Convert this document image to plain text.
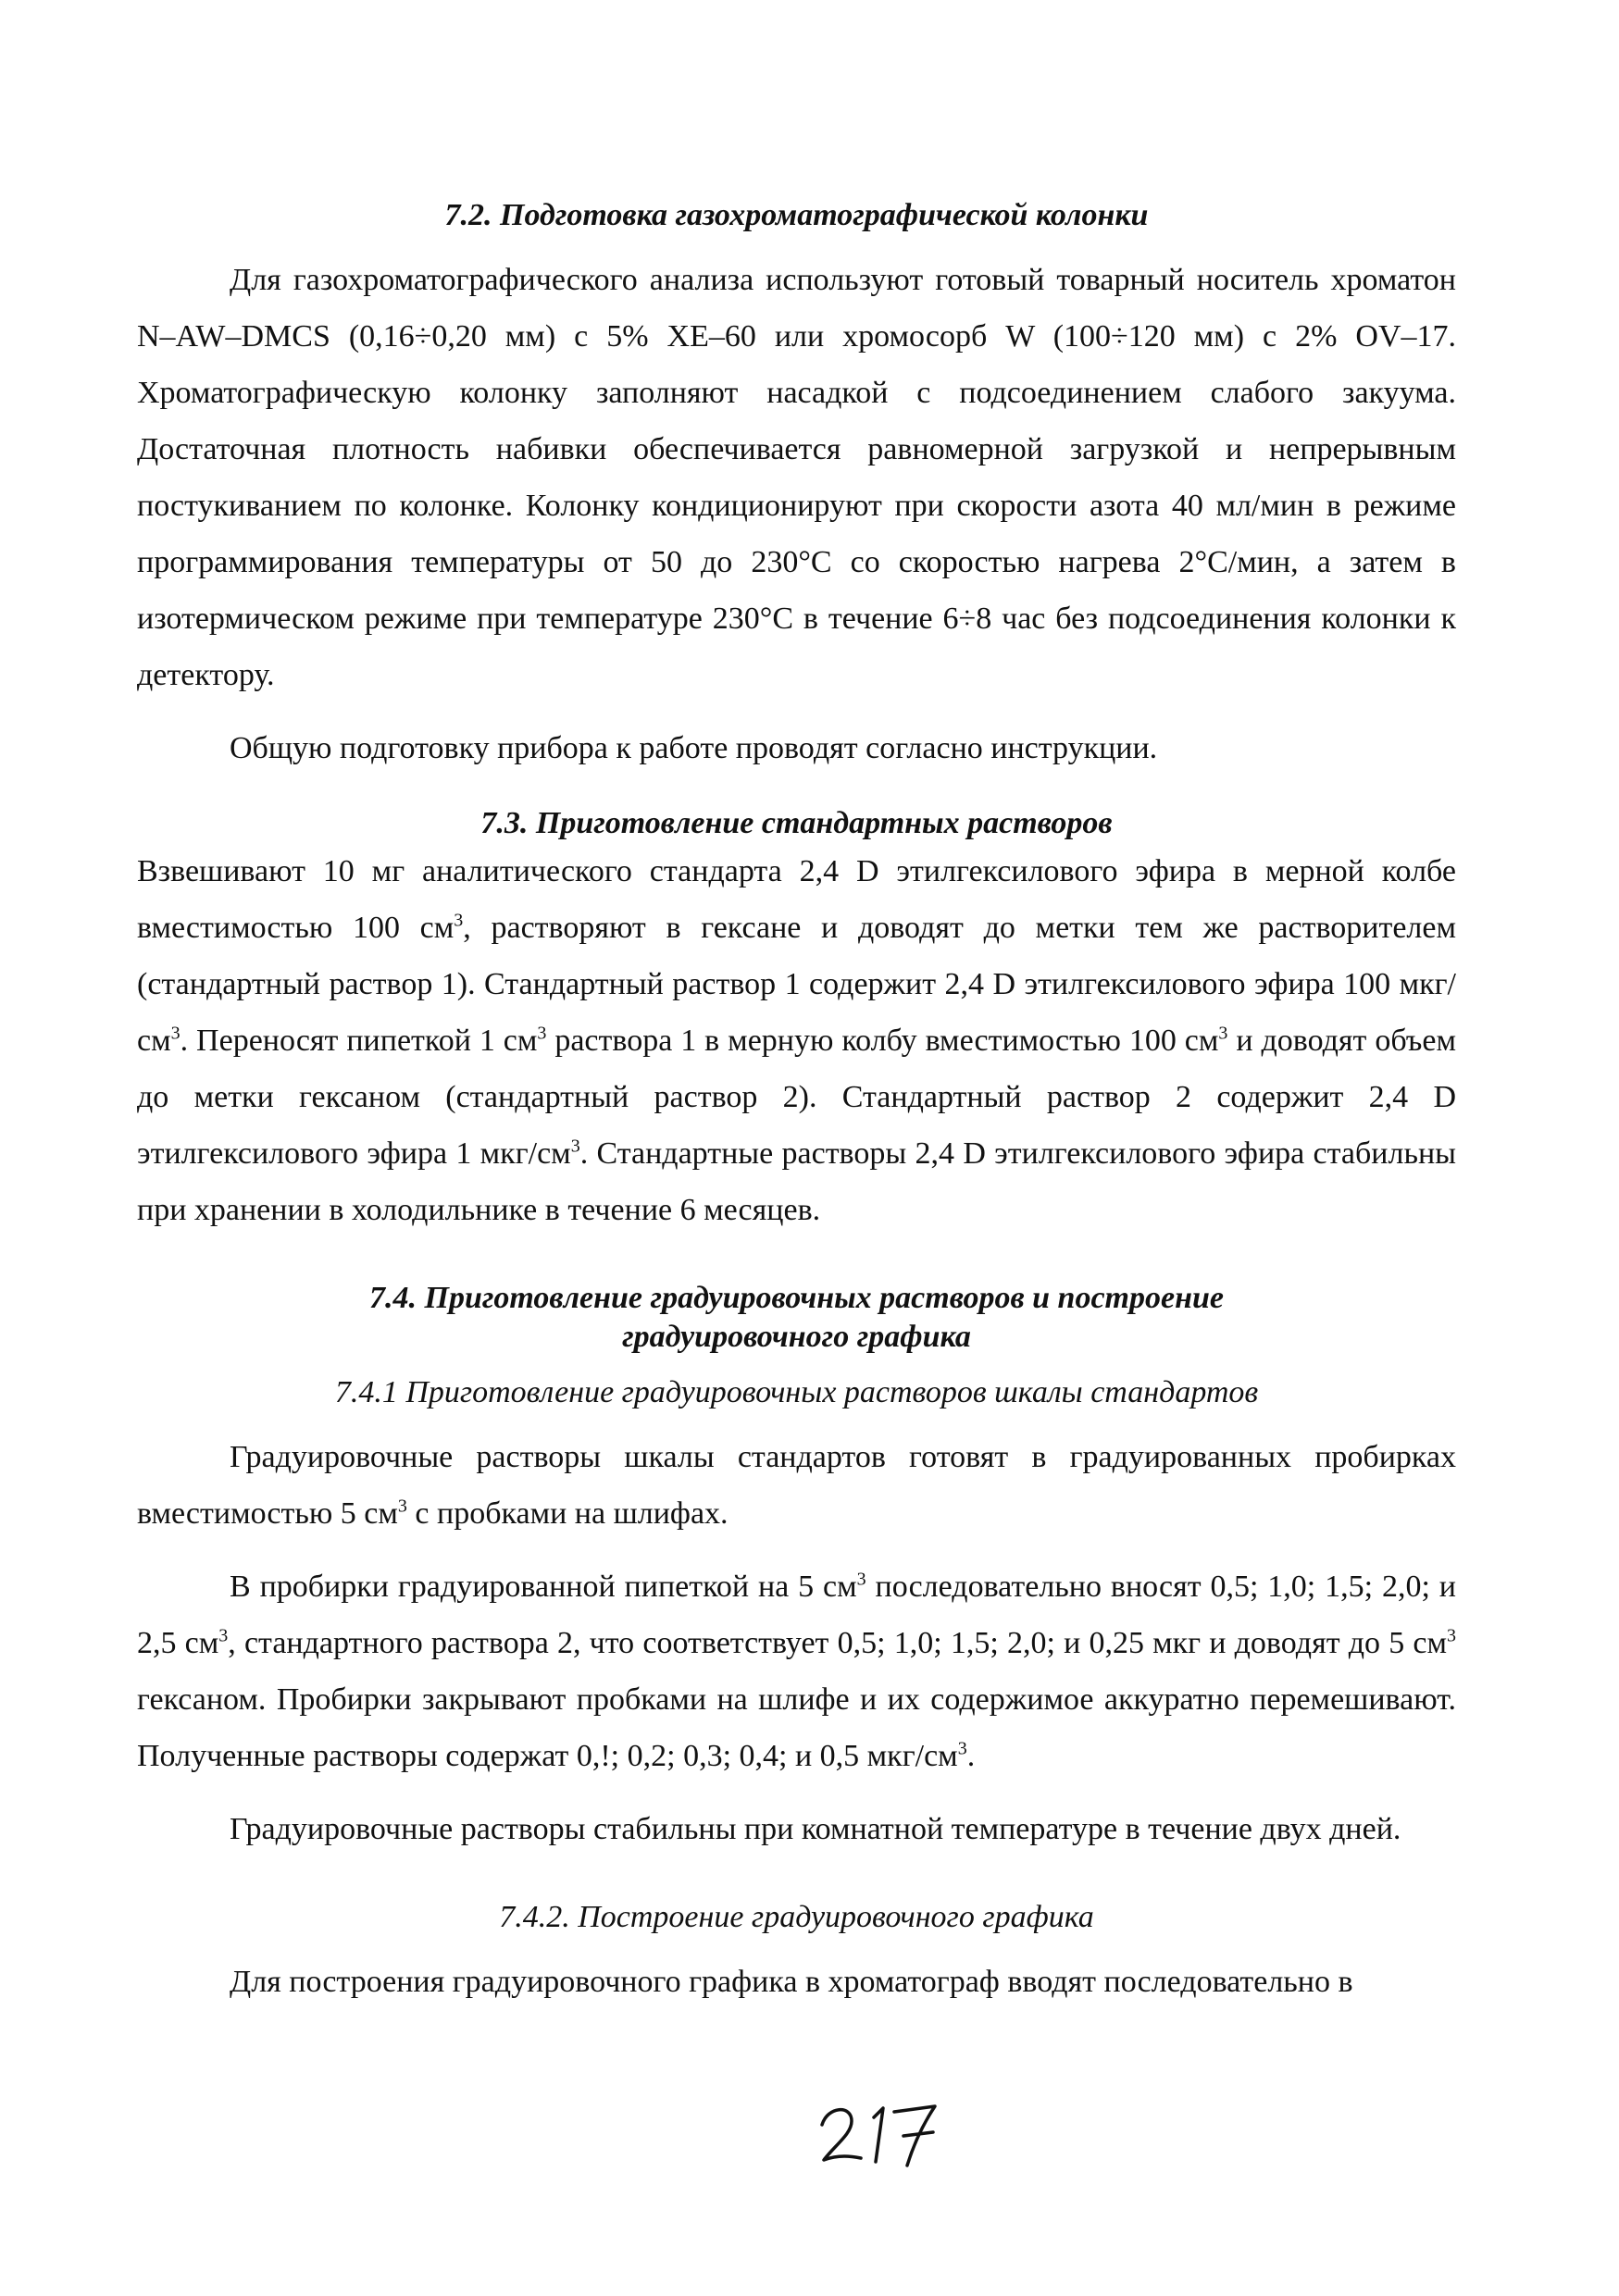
7.2. Подготовка газохроматографической колонки

Для газохроматографического анализа используют готовый товарный носитель хроматон N–AW–DMCS (0,16÷0,20 мм) с 5% XE–60 или хромосорб W (100÷120 мм) с 2% OV–17. Хроматографическую колонку заполняют насадкой с подсоединением слабого закуума. Достаточная плотность набивки обеспечивается равномерной загрузкой и непрерывным постукиванием по колонке. Колонку кондиционируют при скорости азота 40 мл/мин в режиме программирования температуры от 50 до 230°С со скоростью нагрева 2°С/мин, а затем в изотермическом режиме при температуре 230°С в течение 6÷8 час без подсоединения колонки к детектору.

Общую подготовку прибора к работе проводят согласно инструкции.

7.3. Приготовление стандартных растворов

Взвешивают 10 мг аналитического стандарта 2,4 D этилгексилового эфира в мерной колбе вместимостью 100 $см^3$, растворяют в гексане и доводят до метки тем же растворителем (стандартный раствор 1). Стандартный раствор 1 содержит 2,4 D этилгексилового эфира 100 мкг/$см^3$. Переносят пипеткой 1 $см^3$ раствора 1 в мерную колбу вместимостью 100 $см^3$ и доводят объем до метки гексаном (стандартный раствор 2). Стандартный раствор 2 содержит 2,4 D этилгексилового эфира 1 мкг/$см^3$. Стандартные растворы 2,4 D этилгексилового эфира стабильны при хранении в холодильнике в течение 6 месяцев.

7.4. Приготовление градуировочных растворов и построение
градуировочного графика
7.4.1 Приготовление градуировочных растворов шкалы стандартов

Градуировочные растворы шкалы стандартов готовят в градуированных пробирках вместимостью 5 $см^3$ с пробками на шлифах.

В пробирки градуированной пипеткой на 5 $см^3$ последовательно вносят 0,5; 1,0; 1,5; 2,0; и 2,5 $см^3$, стандартного раствора 2, что соответствует 0,5; 1,0; 1,5; 2,0; и 0,25 мкг и доводят до 5 $см^3$ гексаном. Пробирки закрывают пробками на шлифе и их содержимое аккуратно перемешивают. Полученные растворы содержат 0,!; 0,2; 0,3; 0,4; и 0,5 мкг/$см^3$.

Градуировочные растворы стабильны при комнатной температуре в течение двух дней.

7.4.2. Построение градуировочного графика

Для построения градуировочного графика в хроматограф вводят последовательно в
